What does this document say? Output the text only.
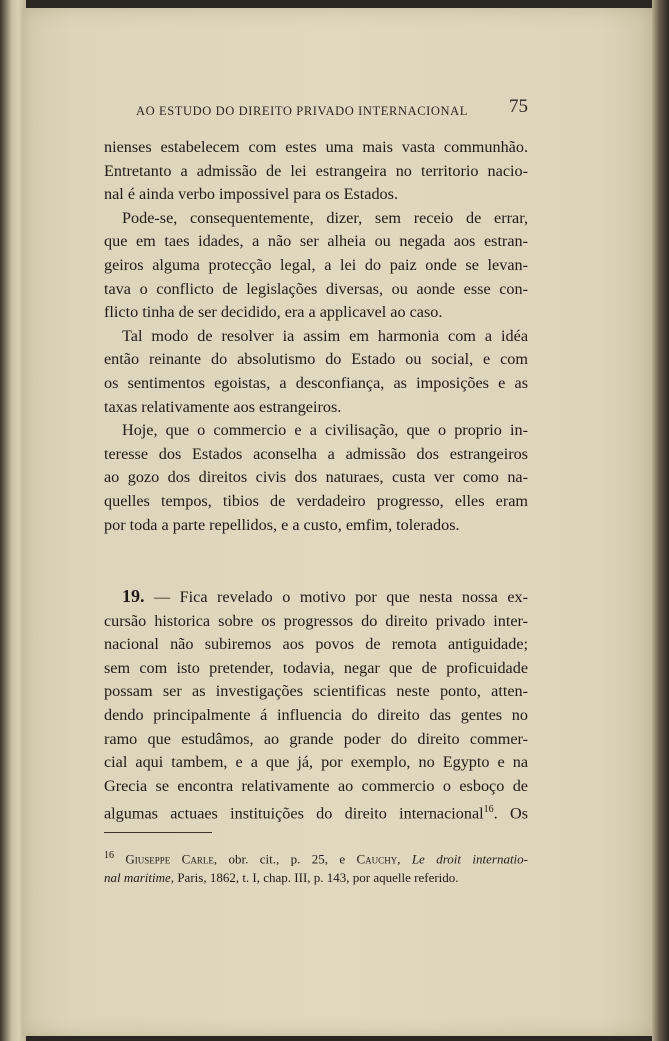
AO ESTUDO DO DIREITO PRIVADO INTERNACIONAL 75
nienses estabelecem com estes uma mais vasta communhão.
Entretanto a admissão de lei estrangeira no territorio nacio-
nal é ainda verbo impossivel para os Estados.
Pode-se, consequentemente, dizer, sem receio de errar,
que em taes idades, a não ser alheia ou negada aos estran-
geiros alguma protecção legal, a lei do paiz onde se levan-
tava o conflicto de legislações diversas, ou aonde esse con-
flicto tinha de ser decidido, era a applicavel ao caso.
Tal modo de resolver ia assim em harmonia com a idéa
então reinante do absolutismo do Estado ou social, e com
os sentimentos egoistas, a desconfiança, as imposições e as
taxas relativamente aos estrangeiros.
Hoje, que o commercio e a civilisação, que o proprio in-
teresse dos Estados aconselha a admissão dos estrangeiros
ao gozo dos direitos civis dos naturaes, custa ver como na-
quelles tempos, tibios de verdadeiro progresso, elles eram
por toda a parte repellidos, e a custo, emfim, tolerados.
19. — Fica revelado o motivo por que nesta nossa ex-
cursão historica sobre os progressos do direito privado inter-
nacional não subiremos aos povos de remota antiguidade;
sem com isto pretender, todavia, negar que de proficuidade
possam ser as investigações scientificas neste ponto, atten-
dendo principalmente á influencia do direito das gentes no
ramo que estudâmos, ao grande poder do direito commer-
cial aqui tambem, e a que já, por exemplo, no Egypto e na
Grecia se encontra relativamente ao commercio o esboço de
algumas actuaes instituições do direito internacional$^{16}$. Os
$^{16}$ Giuseppe Carle, obr. cit., p. 25, e Cauchy, Le droit internatio-
nal maritime, Paris, 1862, t. I, chap. III, p. 143, por aquelle referido.
